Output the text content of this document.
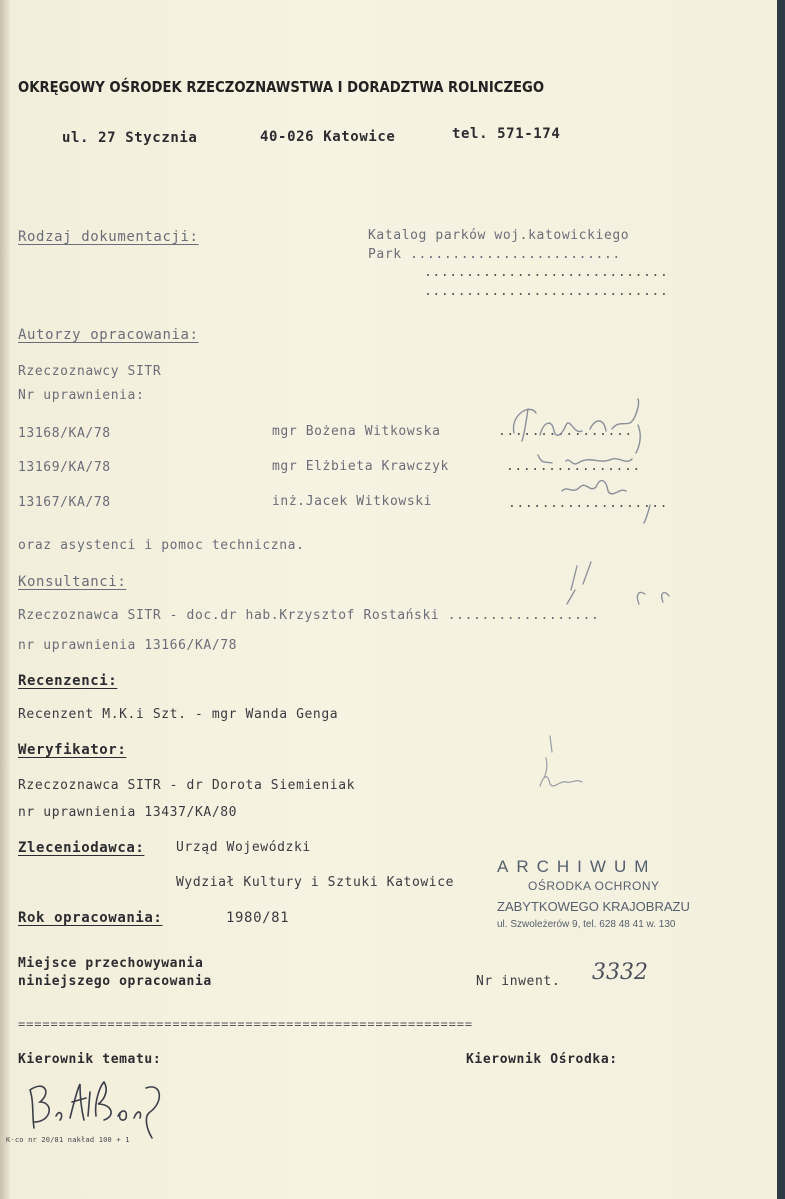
OKRĘGOWY OŚRODEK RZECZOZNAWSTWA I DORADZTWA ROLNICZEGO
ul. 27 Stycznia	40-026 Katowice	tel. 571-174
Rodzaj dokumentacji:	Katalog parków woj.katowickiego
Park .........................
.............................
.............................
Autorzy opracowania:
Rzeczoznawcy SITR
Nr uprawnienia:
13168/KA/78	mgr Bożena Witkowska	................
13169/KA/78	mgr Elżbieta Krawczyk	................
13167/KA/78	inż.Jacek Witkowski	...................
oraz asystenci i pomoc techniczna.
Konsultanci:
Rzeczoznawca SITR - doc.dr hab.Krzysztof Rostański ..................
nr uprawnienia 13166/KA/78
Recenzenci:
Recenzent M.K.i Szt. - mgr Wanda Genga
Weryfikator:
Rzeczoznawca SITR - dr Dorota Siemieniak
nr uprawnienia 13437/KA/80
Zleceniodawca: Urząd Wojewódzki
Wydział Kultury i Sztuki Katowice
Rok opracowania:	1980/81
ARCHIWUM
OŚRODKA OCHRONY
ZABYTKOWEGO KRAJOBRAZU
ul. Szwoleżerów 9, tel. 628 48 41 w. 130
Miejsce przechowywania
niniejszego opracowania	Nr inwent. 3332
========================================================
Kierownik tematu:	Kierownik Ośrodka:
K-co nr 20/81 nakład 100 + 1
